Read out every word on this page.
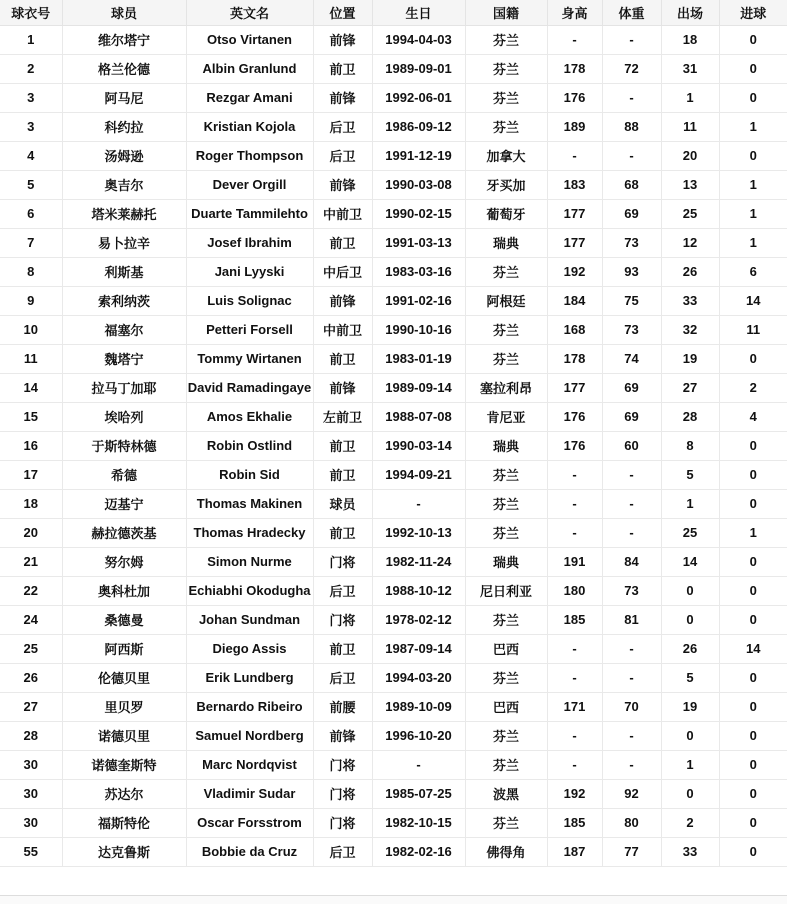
球衣号	球员	英文名	位置	生日	国籍	身高	体重	出场	进球
1	维尔塔宁	Otso Virtanen	前锋	1994-04-03	芬兰	-	-	18	0
2	格兰伦德	Albin Granlund	前卫	1989-09-01	芬兰	178	72	31	0
3	阿马尼	Rezgar Amani	前锋	1992-06-01	芬兰	176	-	1	0
3	科约拉	Kristian Kojola	后卫	1986-09-12	芬兰	189	88	11	1
4	汤姆逊	Roger Thompson	后卫	1991-12-19	加拿大	-	-	20	0
5	奥吉尔	Dever Orgill	前锋	1990-03-08	牙买加	183	68	13	1
6	塔米莱赫托	Duarte Tammilehto	中前卫	1990-02-15	葡萄牙	177	69	25	1
7	易卜拉辛	Josef Ibrahim	前卫	1991-03-13	瑞典	177	73	12	1
8	利斯基	Jani Lyyski	中后卫	1983-03-16	芬兰	192	93	26	6
9	索利纳茨	Luis Solignac	前锋	1991-02-16	阿根廷	184	75	33	14
10	福塞尔	Petteri Forsell	中前卫	1990-10-16	芬兰	168	73	32	11
11	魏塔宁	Tommy Wirtanen	前卫	1983-01-19	芬兰	178	74	19	0
14	拉马丁加耶	David Ramadingaye	前锋	1989-09-14	塞拉利昂	177	69	27	2
15	埃哈列	Amos Ekhalie	左前卫	1988-07-08	肯尼亚	176	69	28	4
16	于斯特林德	Robin Ostlind	前卫	1990-03-14	瑞典	176	60	8	0
17	希德	Robin Sid	前卫	1994-09-21	芬兰	-	-	5	0
18	迈基宁	Thomas Makinen	球员	-	芬兰	-	-	1	0
20	赫拉德茨基	Thomas Hradecky	前卫	1992-10-13	芬兰	-	-	25	1
21	努尔姆	Simon Nurme	门将	1982-11-24	瑞典	191	84	14	0
22	奥科杜加	Echiabhi Okodugha	后卫	1988-10-12	尼日利亚	180	73	0	0
24	桑德曼	Johan Sundman	门将	1978-02-12	芬兰	185	81	0	0
25	阿西斯	Diego Assis	前卫	1987-09-14	巴西	-	-	26	14
26	伦德贝里	Erik Lundberg	后卫	1994-03-20	芬兰	-	-	5	0
27	里贝罗	Bernardo Ribeiro	前腰	1989-10-09	巴西	171	70	19	0
28	诺德贝里	Samuel Nordberg	前锋	1996-10-20	芬兰	-	-	0	0
30	诺德奎斯特	Marc Nordqvist	门将	-	芬兰	-	-	1	0
30	苏达尔	Vladimir Sudar	门将	1985-07-25	波黑	192	92	0	0
30	福斯特伦	Oscar Forsstrom	门将	1982-10-15	芬兰	185	80	2	0
55	达克鲁斯	Bobbie da Cruz	后卫	1982-02-16	佛得角	187	77	33	0
